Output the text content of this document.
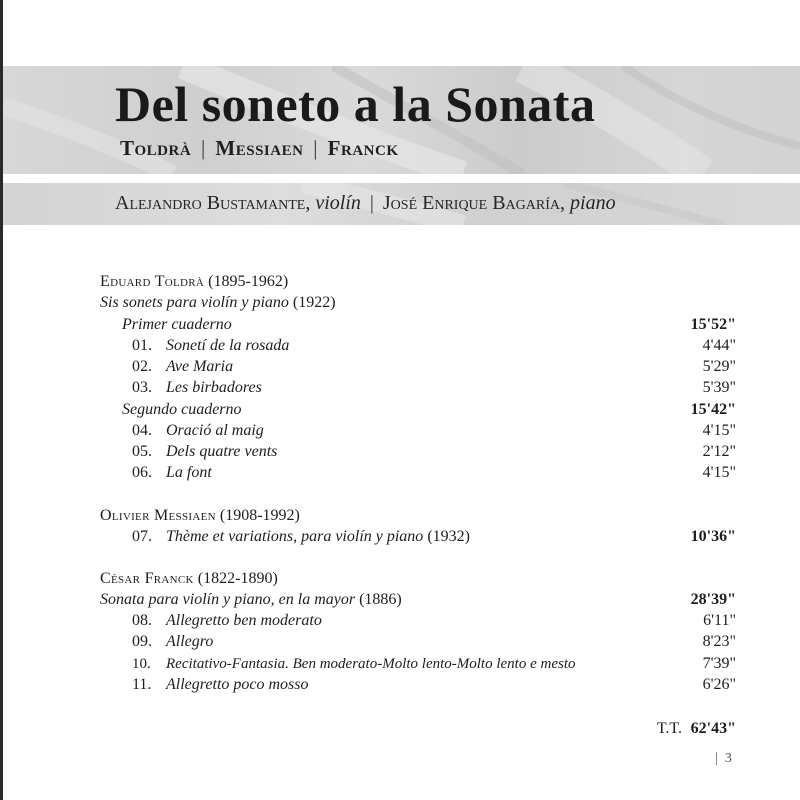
Del soneto a la Sonata
Toldrà | Messiaen | Franck
Alejandro Bustamante, violín | José Enrique Bagaría, piano
Eduard Toldrà (1895-1962)
Sis sonets para violín y piano (1922)
Primer cuaderno	15'52"
01. Sonetí de la rosada	4'44"
02. Ave Maria	5'29"
03. Les birbadores	5'39"
Segundo cuaderno	15'42"
04. Oració al maig	4'15"
05. Dels quatre vents	2'12"
06. La font	4'15"
Olivier Messiaen (1908-1992)
07. Thème et variations, para violín y piano (1932)	10'36"
César Franck (1822-1890)
Sonata para violín y piano, en la mayor (1886)	28'39"
08. Allegretto ben moderato	6'11"
09. Allegro	8'23"
10. Recitativo-Fantasia. Ben moderato-Molto lento-Molto lento e mesto	7'39"
11. Allegretto poco mosso	6'26"
T.T. 62'43"
| 3
